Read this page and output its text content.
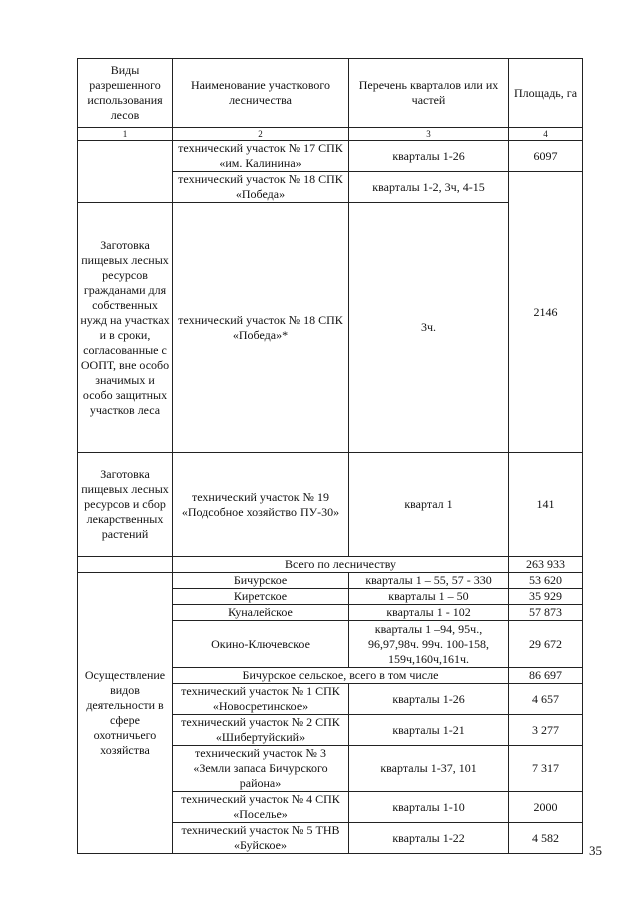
Виды разрешенного использования лесов	Наименование участкового лесничества	Перечень кварталов или их частей	Площадь, га
1	2	3	4
	технический участок № 17 СПК «им. Калинина»	кварталы 1-26	6097
	технический участок № 18 СПК «Победа»	кварталы 1-2, 3ч, 4-15	2146
Заготовка пищевых лесных ресурсов гражданами для собственных нужд на участках и в сроки, согласованные с ООПТ, вне особо значимых и особо защитных участков леса	технический участок № 18 СПК «Победа»*	3ч.	
Заготовка пищевых лесных ресурсов и сбор лекарственных растений	технический участок № 19 «Подсобное хозяйство ПУ-30»	квартал 1	141
	Всего по лесничеству		263 933
Осуществление видов деятельности в сфере охотничьего хозяйства	Бичурское	кварталы 1 – 55, 57 - 330	53 620
	Киретское	кварталы 1 – 50	35 929
	Куналейское	кварталы 1 - 102	57 873
	Окино-Ключевское	кварталы 1 –94, 95ч., 96,97,98ч. 99ч. 100-158, 159ч,160ч,161ч.	29 672
	Бичурское сельское, всего в том числе		86 697
	технический участок № 1 СПК «Новосретинское»	кварталы 1-26	4 657
	технический участок № 2 СПК «Шибертуйский»	кварталы 1-21	3 277
	технический участок № 3 «Земли запаса Бичурского района»	кварталы 1-37, 101	7 317
	технический участок № 4 СПК «Поселье»	кварталы 1-10	2000
	технический участок № 5 ТНВ «Буйское»	кварталы 1-22	4 582
35
